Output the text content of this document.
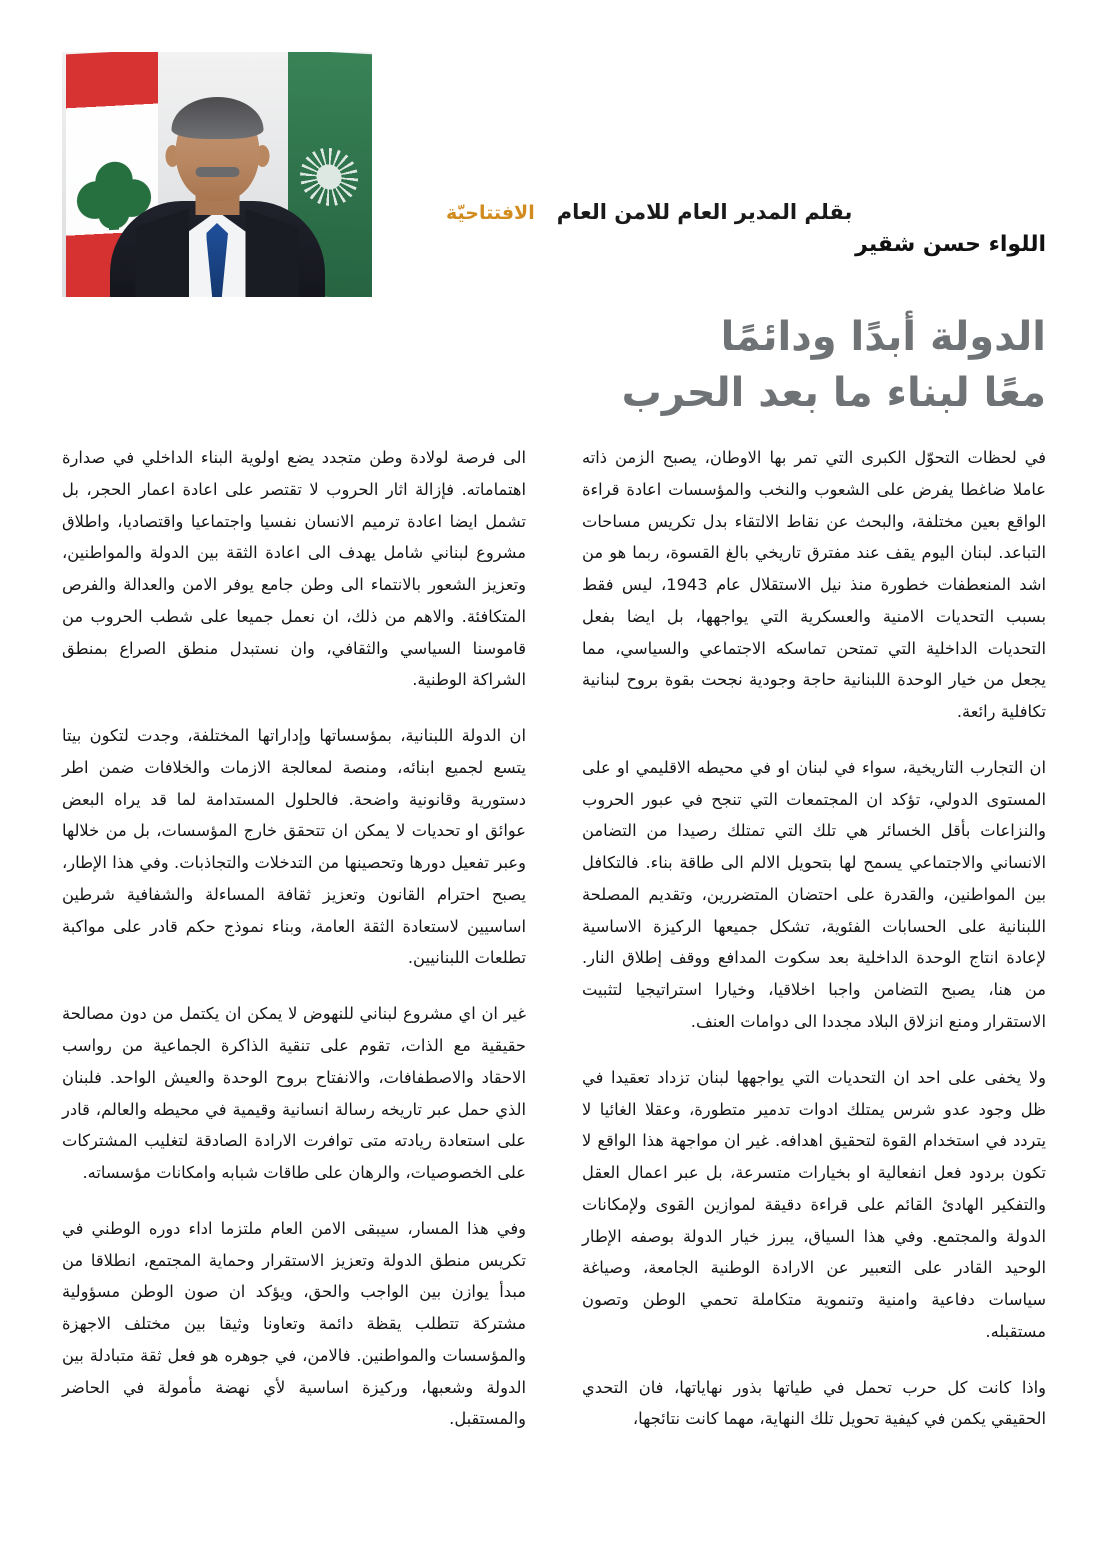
بقلم المدير العام للامن العام
الافتتاحيّة
اللواء حسن شقير
الدولة أبدًا ودائمًا
معًا لبناء ما بعد الحرب

في لحظات التحوّل الكبرى التي تمر بها الاوطان، يصبح الزمن ذاته عاملا ضاغطا يفرض على الشعوب والنخب والمؤسسات اعادة قراءة الواقع بعين مختلفة، والبحث عن نقاط الالتقاء بدل تكريس مساحات التباعد. لبنان اليوم يقف عند مفترق تاريخي بالغ القسوة، ربما هو من اشد المنعطفات خطورة منذ نيل الاستقلال عام 1943، ليس فقط بسبب التحديات الامنية والعسكرية التي يواجهها، بل ايضا بفعل التحديات الداخلية التي تمتحن تماسكه الاجتماعي والسياسي، مما يجعل من خيار الوحدة اللبنانية حاجة وجودية نجحت بقوة بروح لبنانية تكافلية رائعة.

ان التجارب التاريخية، سواء في لبنان او في محيطه الاقليمي او على المستوى الدولي، تؤكد ان المجتمعات التي تنجح في عبور الحروب والنزاعات بأقل الخسائر هي تلك التي تمتلك رصيدا من التضامن الانساني والاجتماعي يسمح لها بتحويل الالم الى طاقة بناء. فالتكافل بين المواطنين، والقدرة على احتضان المتضررين، وتقديم المصلحة اللبنانية على الحسابات الفئوية، تشكل جميعها الركيزة الاساسية لإعادة انتاج الوحدة الداخلية بعد سكوت المدافع ووقف إطلاق النار. من هنا، يصبح التضامن واجبا اخلاقيا، وخيارا استراتيجيا لتثبيت الاستقرار ومنع انزلاق البلاد مجددا الى دوامات العنف.

ولا يخفى على احد ان التحديات التي يواجهها لبنان تزداد تعقيدا في ظل وجود عدو شرس يمتلك ادوات تدمير متطورة، وعقلا الغائيا لا يتردد في استخدام القوة لتحقيق اهدافه. غير ان مواجهة هذا الواقع لا تكون بردود فعل انفعالية او بخيارات متسرعة، بل عبر اعمال العقل والتفكير الهادئ القائم على قراءة دقيقة لموازين القوى ولإمكانات الدولة والمجتمع. وفي هذا السياق، يبرز خيار الدولة بوصفه الإطار الوحيد القادر على التعبير عن الارادة الوطنية الجامعة، وصياغة سياسات دفاعية وامنية وتنموية متكاملة تحمي الوطن وتصون مستقبله.

واذا كانت كل حرب تحمل في طياتها بذور نهاياتها، فان التحدي الحقيقي يكمن في كيفية تحويل تلك النهاية، مهما كانت نتائجها،

الى فرصة لولادة وطن متجدد يضع اولوية البناء الداخلي في صدارة اهتماماته. فإزالة اثار الحروب لا تقتصر على اعادة اعمار الحجر، بل تشمل ايضا اعادة ترميم الانسان نفسيا واجتماعيا واقتصاديا، واطلاق مشروع لبناني شامل يهدف الى اعادة الثقة بين الدولة والمواطنين، وتعزيز الشعور بالانتماء الى وطن جامع يوفر الامن والعدالة والفرص المتكافئة. والاهم من ذلك، ان نعمل جميعا على شطب الحروب من قاموسنا السياسي والثقافي، وان نستبدل منطق الصراع بمنطق الشراكة الوطنية.

ان الدولة اللبنانية، بمؤسساتها وإداراتها المختلفة، وجدت لتكون بيتا يتسع لجميع ابنائه، ومنصة لمعالجة الازمات والخلافات ضمن اطر دستورية وقانونية واضحة. فالحلول المستدامة لما قد يراه البعض عوائق او تحديات لا يمكن ان تتحقق خارج المؤسسات، بل من خلالها وعبر تفعيل دورها وتحصينها من التدخلات والتجاذبات. وفي هذا الإطار، يصبح احترام القانون وتعزيز ثقافة المساءلة والشفافية شرطين اساسيين لاستعادة الثقة العامة، وبناء نموذج حكم قادر على مواكبة تطلعات اللبنانيين.

غير ان اي مشروع لبناني للنهوض لا يمكن ان يكتمل من دون مصالحة حقيقية مع الذات، تقوم على تنقية الذاكرة الجماعية من رواسب الاحقاد والاصطفافات، والانفتاح بروح الوحدة والعيش الواحد. فلبنان الذي حمل عبر تاريخه رسالة انسانية وقيمية في محيطه والعالم، قادر على استعادة ريادته متى توافرت الارادة الصادقة لتغليب المشتركات على الخصوصيات، والرهان على طاقات شبابه وامكانات مؤسساته.

وفي هذا المسار، سيبقى الامن العام ملتزما اداء دوره الوطني في تكريس منطق الدولة وتعزيز الاستقرار وحماية المجتمع، انطلاقا من مبدأ يوازن بين الواجب والحق، ويؤكد ان صون الوطن مسؤولية مشتركة تتطلب يقظة دائمة وتعاونا وثيقا بين مختلف الاجهزة والمؤسسات والمواطنين. فالامن، في جوهره هو فعل ثقة متبادلة بين الدولة وشعبها، وركيزة اساسية لأي نهضة مأمولة في الحاضر والمستقبل.
